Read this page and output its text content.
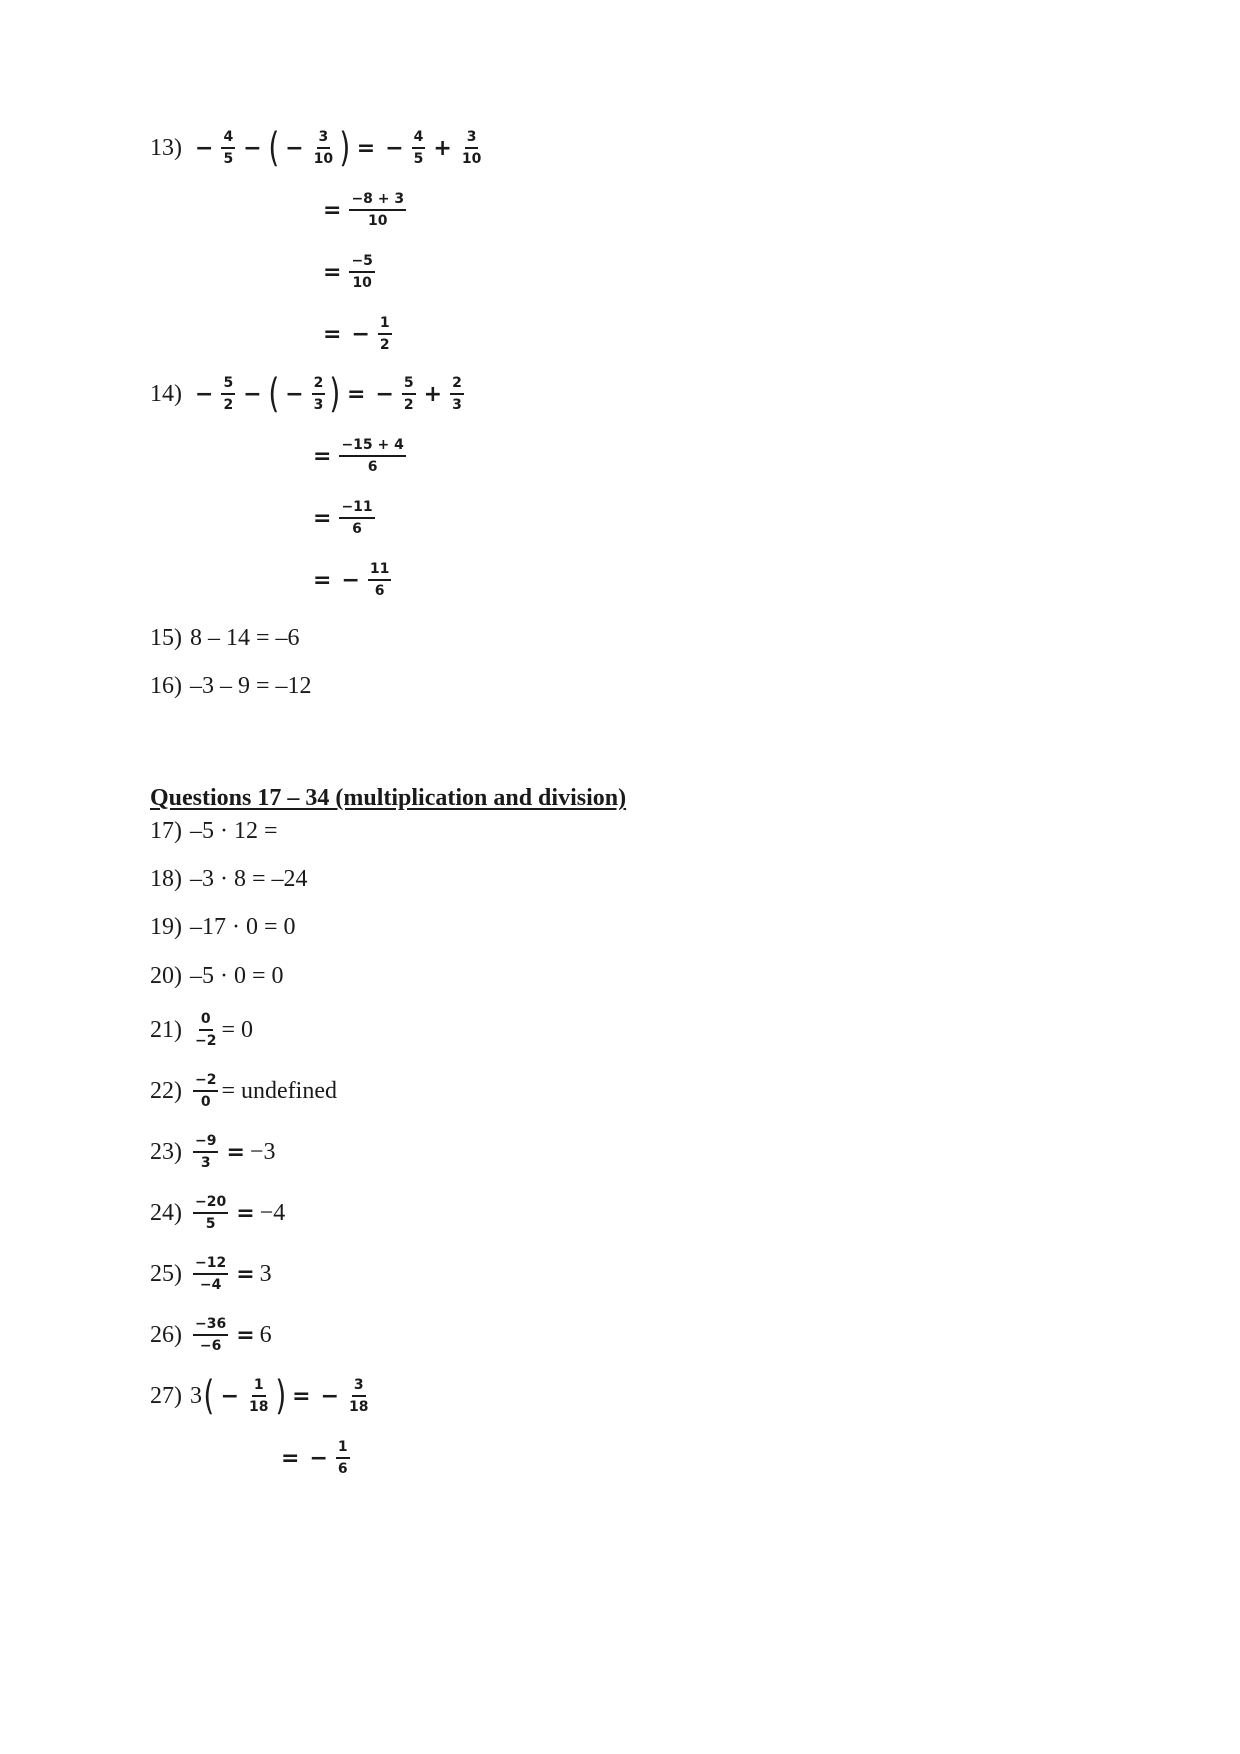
Questions 17 – 34 (multiplication and division)
$13) - \frac{4}{5}$ − ( − $\frac{3}{10}$ ) = − $\frac{4}{5} + \frac{3}{10}$
= $\frac{-8 + 3}{10}$
= $\frac{-5}{10}$
= − $\frac{1}{2}$
$14) - \frac{5}{2}$ − ( − $\frac{2}{3}$ ) = − $\frac{5}{2} + \frac{2}{3}$
= $\frac{-15 + 4}{6}$
= $\frac{-11}{6}$
= − $\frac{11}{6}$
15) 8 – 14 = –6
16) –3 – 9 = –12
17) –5 · 12 =
18) –3 · 8 = –24
19) –17 · 0 = 0
20) –5 · 0 = 0
$21) \frac{0}{-2} = 0$
$22) \frac{-2}{0}$ = undefined
$23) \frac{-9}{3} = -3$
$24) \frac{-20}{5} = -4$
$25) \frac{-12}{-4} = 3$
$26) \frac{-36}{-6} = 6$
27) 3 ( − $\frac{1}{18}$ ) = − $\frac{3}{18}$
= − $\frac{1}{6}$
